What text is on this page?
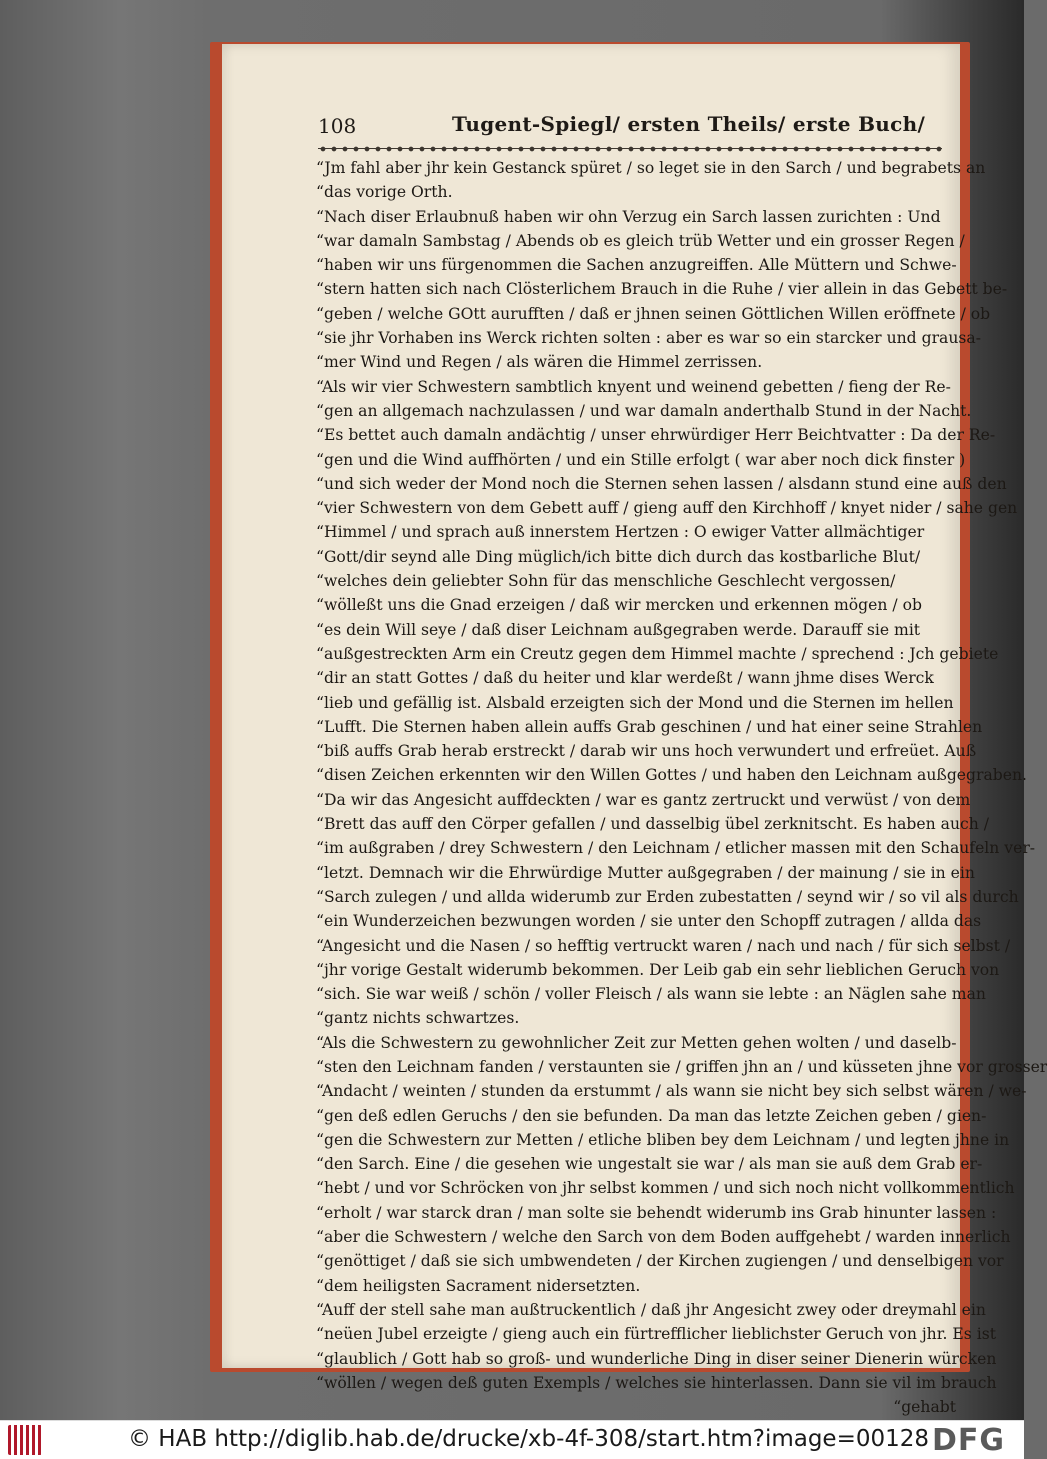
108	Tugent-Spiegl/ ersten Theils/ erste Buch/
“Jm fahl aber jhr kein Gestanck spüret / so leget sie in den Sarch / und begrabets an
“das vorige Orth.
“Nach diser Erlaubnuß haben wir ohn Verzug ein Sarch lassen zurichten : Und
“war damaln Sambstag / Abends ob es gleich trüb Wetter und ein grosser Regen /
“haben wir uns fürgenommen die Sachen anzugreiffen. Alle Müttern und Schwe-
“stern hatten sich nach Clösterlichem Brauch in die Ruhe / vier allein in das Gebett be-
“geben / welche GOtt aurufften / daß er jhnen seinen Göttlichen Willen eröffnete / ob
“sie jhr Vorhaben ins Werck richten solten : aber es war so ein starcker und grausa-
“mer Wind und Regen / als wären die Himmel zerrissen.
“Als wir vier Schwestern sambtlich knyent und weinend gebetten / fieng der Re-
“gen an allgemach nachzulassen / und war damaln anderthalb Stund in der Nacht.
“Es bettet auch damaln andächtig / unser ehrwürdiger Herr Beichtvatter : Da der Re-
“gen und die Wind auffhörten / und ein Stille erfolgt ( war aber noch dick finster )
“und sich weder der Mond noch die Sternen sehen lassen / alsdann stund eine auß den
“vier Schwestern von dem Gebett auff / gieng auff den Kirchhoff / knyet nider / sahe gen
“Himmel / und sprach auß innerstem Hertzen : O ewiger Vatter allmächtiger
“Gott/dir seynd alle Ding müglich/ich bitte dich durch das kostbarliche Blut/
“welches dein geliebter Sohn für das menschliche Geschlecht vergossen/
“wölleßt uns die Gnad erzeigen / daß wir mercken und erkennen mögen / ob
“es dein Will seye / daß diser Leichnam außgegraben werde. Darauff sie mit
“außgestreckten Arm ein Creutz gegen dem Himmel machte / sprechend : Jch gebiete
“dir an statt Gottes / daß du heiter und klar werdeßt / wann jhme dises Werck
“lieb und gefällig ist. Alsbald erzeigten sich der Mond und die Sternen im hellen
“Lufft. Die Sternen haben allein auffs Grab geschinen / und hat einer seine Strahlen
“biß auffs Grab herab erstreckt / darab wir uns hoch verwundert und erfreüet. Auß
“disen Zeichen erkennten wir den Willen Gottes / und haben den Leichnam außgegraben.
“Da wir das Angesicht auffdeckten / war es gantz zertruckt und verwüst / von dem
“Brett das auff den Cörper gefallen / und dasselbig übel zerknitscht. Es haben auch /
“im außgraben / drey Schwestern / den Leichnam / etlicher massen mit den Schaufeln ver-
“letzt. Demnach wir die Ehrwürdige Mutter außgegraben / der mainung / sie in ein
“Sarch zulegen / und allda widerumb zur Erden zubestatten / seynd wir / so vil als durch
“ein Wunderzeichen bezwungen worden / sie unter den Schopff zutragen / allda das
“Angesicht und die Nasen / so hefftig vertruckt waren / nach und nach / für sich selbst /
“jhr vorige Gestalt widerumb bekommen. Der Leib gab ein sehr lieblichen Geruch von
“sich. Sie war weiß / schön / voller Fleisch / als wann sie lebte : an Näglen sahe man
“gantz nichts schwartzes.
“Als die Schwestern zu gewohnlicher Zeit zur Metten gehen wolten / und daselb-
“sten den Leichnam fanden / verstaunten sie / griffen jhn an / und küsseten jhne vor grosser
“Andacht / weinten / stunden da erstummt / als wann sie nicht bey sich selbst wären / we-
“gen deß edlen Geruchs / den sie befunden. Da man das letzte Zeichen geben / gien-
“gen die Schwestern zur Metten / etliche bliben bey dem Leichnam / und legten jhne in
“den Sarch. Eine / die gesehen wie ungestalt sie war / als man sie auß dem Grab er-
“hebt / und vor Schröcken von jhr selbst kommen / und sich noch nicht vollkommentlich
“erholt / war starck dran / man solte sie behendt widerumb ins Grab hinunter lassen :
“aber die Schwestern / welche den Sarch von dem Boden auffgehebt / warden innerlich
“genöttiget / daß sie sich umbwendeten / der Kirchen zugiengen / und denselbigen vor
“dem heiligsten Sacrament nidersetzten.
“Auff der stell sahe man außtruckentlich / daß jhr Angesicht zwey oder dreymahl ein
“neüen Jubel erzeigte / gieng auch ein fürtrefflicher lieblichster Geruch von jhr. Es ist
“glaublich / Gott hab so groß- und wunderliche Ding in diser seiner Dienerin würcken
“wöllen / wegen deß guten Exempls / welches sie hinterlassen. Dann sie vil im brauch
“gehabt
© HAB http://diglib.hab.de/drucke/xb-4f-308/start.htm?image=00128 DFG
